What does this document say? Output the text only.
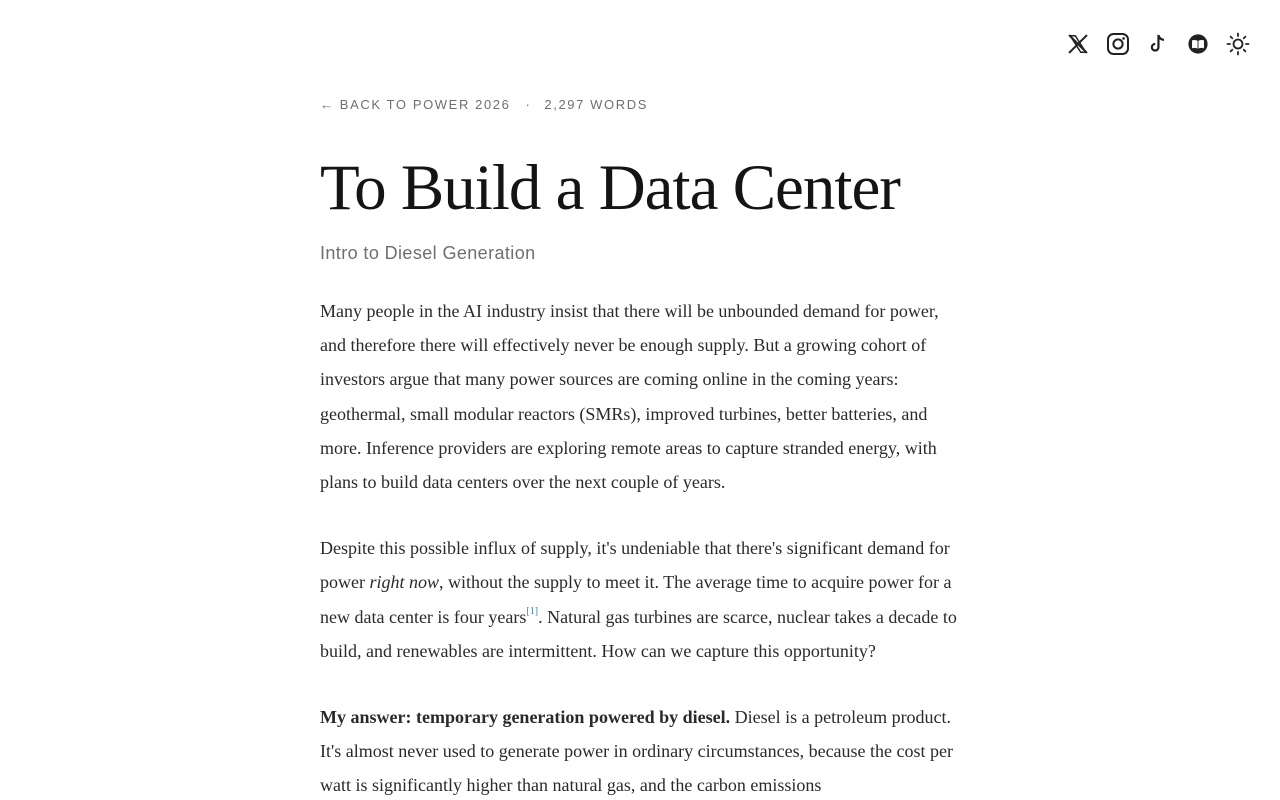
← BACK TO POWER 2026 · 2,297 WORDS
To Build a Data Center
Intro to Diesel Generation

Many people in the AI industry insist that there will be unbounded demand for power, and therefore there will effectively never be enough supply. But a growing cohort of investors argue that many power sources are coming online in the coming years: geothermal, small modular reactors (SMRs), improved turbines, better batteries, and more. Inference providers are exploring remote areas to capture stranded energy, with plans to build data centers over the next couple of years.

Despite this possible influx of supply, it's undeniable that there's significant demand for power right now, without the supply to meet it. The average time to acquire power for a new data center is four years[1]. Natural gas turbines are scarce, nuclear takes a decade to build, and renewables are intermittent. How can we capture this opportunity?

My answer: temporary generation powered by diesel. Diesel is a petroleum product. It's almost never used to generate power in ordinary circumstances, because the cost per watt is significantly higher than natural gas, and the carbon emissions
